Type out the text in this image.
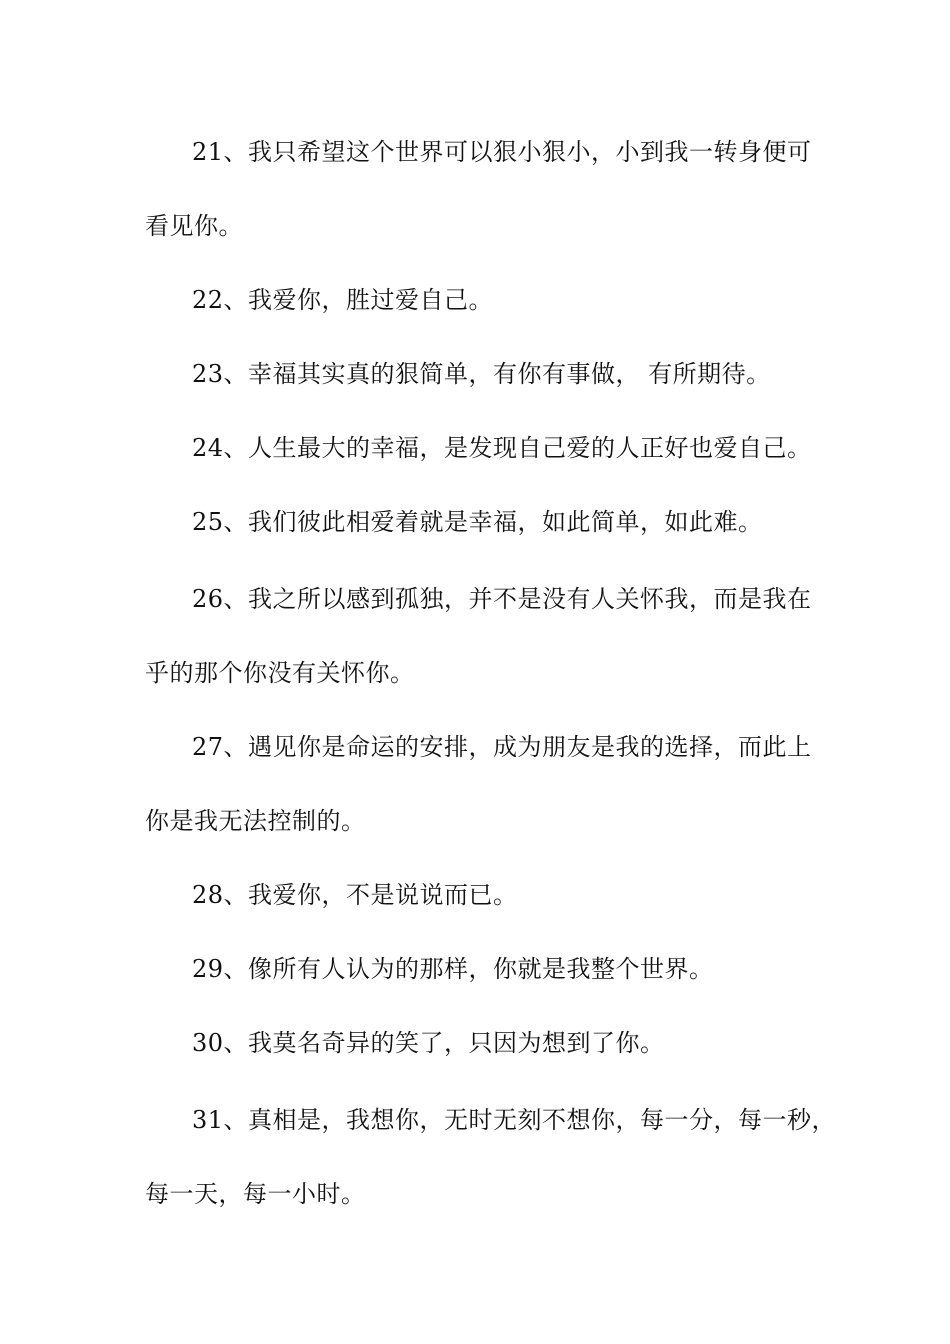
21、我只希望这个世界可以狠小狠小，小到我一转身便可
看见你。
22、我爱你，胜过爱自己。
23、幸福其实真的狠简单，有你有事做， 有所期待。
24、人生最大的幸福，是发现自己爱的人正好也爱自己。
25、我们彼此相爱着就是幸福，如此简单，如此难。
26、我之所以感到孤独，并不是没有人关怀我，而是我在
乎的那个你没有关怀你。
27、遇见你是命运的安排，成为朋友是我的选择，而此上
你是我无法控制的。
28、我爱你，不是说说而已。
29、像所有人认为的那样，你就是我整个世界。
30、我莫名奇异的笑了，只因为想到了你。
31、真相是，我想你，无时无刻不想你，每一分，每一秒，
每一天，每一小时。
